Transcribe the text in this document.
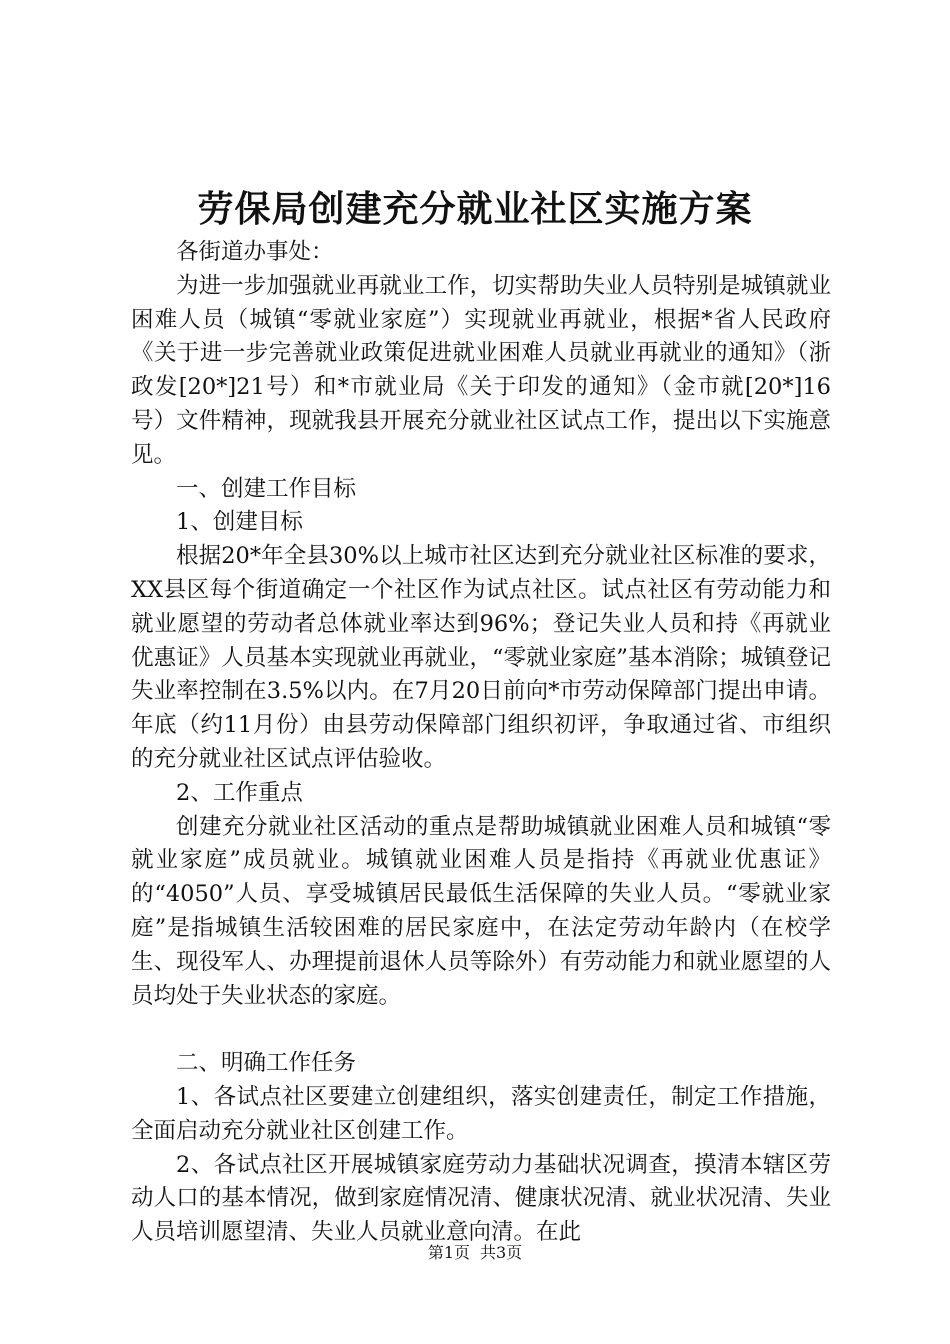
劳保局创建充分就业社区实施方案

各街道办事处：

为进一步加强就业再就业工作，切实帮助失业人员特别是城镇就业困难人员（城镇“零就业家庭”）实现就业再就业，根据*省人民政府《关于进一步完善就业政策促进就业困难人员就业再就业的通知》（浙政发[20*]21号）和*市就业局《关于印发的通知》（金市就[20*]16号）文件精神，现就我县开展充分就业社区试点工作，提出以下实施意见。

一、创建工作目标

1、创建目标

根据20*年全县30%以上城市社区达到充分就业社区标准的要求，XX县区每个街道确定一个社区作为试点社区。试点社区有劳动能力和就业愿望的劳动者总体就业率达到96%；登记失业人员和持《再就业优惠证》人员基本实现就业再就业，“零就业家庭”基本消除；城镇登记失业率控制在3.5%以内。在7月20日前向*市劳动保障部门提出申请。年底（约11月份）由县劳动保障部门组织初评，争取通过省、市组织的充分就业社区试点评估验收。

2、工作重点

创建充分就业社区活动的重点是帮助城镇就业困难人员和城镇“零就业家庭”成员就业。城镇就业困难人员是指持《再就业优惠证》的“4050”人员、享受城镇居民最低生活保障的失业人员。“零就业家庭”是指城镇生活较困难的居民家庭中，在法定劳动年龄内（在校学生、现役军人、办理提前退休人员等除外）有劳动能力和就业愿望的人员均处于失业状态的家庭。

二、明确工作任务

1、各试点社区要建立创建组织，落实创建责任，制定工作措施，全面启动充分就业社区创建工作。

2、各试点社区开展城镇家庭劳动力基础状况调查，摸清本辖区劳动人口的基本情况，做到家庭情况清、健康状况清、就业状况清、失业人员培训愿望清、失业人员就业意向清。在此

第1页 共3页
